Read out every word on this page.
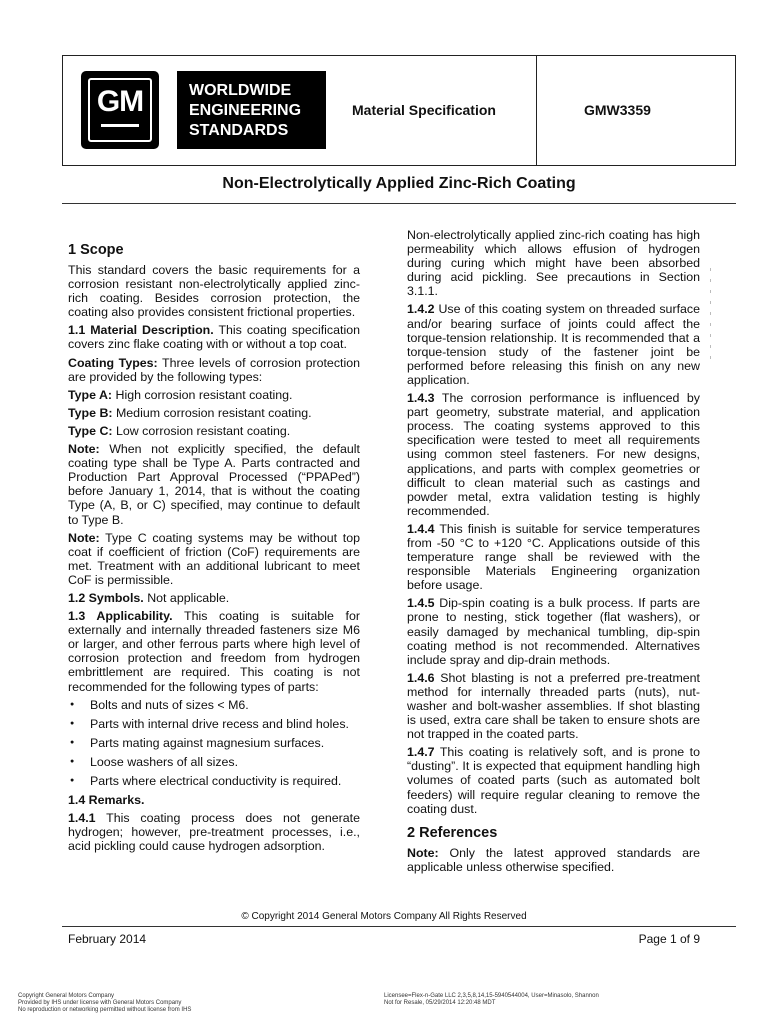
GM	WORLDWIDE
ENGINEERING
STANDARDS
Material Specification	GMW3359
Non-Electrolytically Applied Zinc-Rich Coating
1 Scope

This standard covers the basic requirements for a corrosion resistant non-electrolytically applied zinc-rich coating. Besides corrosion protection, the coating also provides consistent frictional properties.

1.1 Material Description. This coating specification covers zinc flake coating with or without a top coat.

Coating Types: Three levels of corrosion protection are provided by the following types:

Type A: High corrosion resistant coating.

Type B: Medium corrosion resistant coating.

Type C: Low corrosion resistant coating.

Note: When not explicitly specified, the default coating type shall be Type A. Parts contracted and Production Part Approval Processed (“PPAPed”) before January 1, 2014, that is without the coating Type (A, B, or C) specified, may continue to default to Type B.

Note: Type C coating systems may be without top coat if coefficient of friction (CoF) requirements are met. Treatment with an additional lubricant to meet CoF is permissible.

1.2 Symbols. Not applicable.

1.3 Applicability. This coating is suitable for externally and internally threaded fasteners size M6 or larger, and other ferrous parts where high level of corrosion protection and freedom from hydrogen embrittlement are required. This coating is not recommended for the following types of parts:

● Bolts and nuts of sizes < M6.
● Parts with internal drive recess and blind holes.
● Parts mating against magnesium surfaces.
● Loose washers of all sizes.
● Parts where electrical conductivity is required.

1.4 Remarks.

1.4.1 This coating process does not generate hydrogen; however, pre-treatment processes, i.e., acid pickling could cause hydrogen adsorption.

Non-electrolytically applied zinc-rich coating has high permeability which allows effusion of hydrogen during curing which might have been absorbed during acid pickling. See precautions in Section 3.1.1.

1.4.2 Use of this coating system on threaded surface and/or bearing surface of joints could affect the torque-tension relationship. It is recommended that a torque-tension study of the fastener joint be performed before releasing this finish on any new application.

1.4.3 The corrosion performance is influenced by part geometry, substrate material, and application process. The coating systems approved to this specification were tested to meet all requirements using common steel fasteners. For new designs, applications, and parts with complex geometries or difficult to clean material such as castings and powder metal, extra validation testing is highly recommended.

1.4.4 This finish is suitable for service temperatures from -50 °C to +120 °C. Applications outside of this temperature range shall be reviewed with the responsible Materials Engineering organization before usage.

1.4.5 Dip-spin coating is a bulk process. If parts are prone to nesting, stick together (flat washers), or easily damaged by mechanical tumbling, dip-spin coating method is not recommended. Alternatives include spray and dip-drain methods.

1.4.6 Shot blasting is not a preferred pre-treatment method for internally threaded parts (nuts), nut-washer and bolt-washer assemblies. If shot blasting is used, extra care shall be taken to ensure shots are not trapped in the coated parts.

1.4.7 This coating is relatively soft, and is prone to “dusting”. It is expected that equipment handling high volumes of coated parts (such as automated bolt feeders) will require regular cleaning to remove the coating dust.

2 References

Note: Only the latest approved standards are applicable unless otherwise specified.

© Copyright 2014 General Motors Company All Rights Reserved
February 2014	Page 1 of 9
Copyright General Motors Company
Provided by IHS under license with General Motors Company
No reproduction or networking permitted without license from IHS
Licensee=Flex-n-Gate LLC 2,3,5,8,14,15-5940544004, User=Minasolo, Shannon
Not for Resale, 05/29/2014 12:20:48 MDT
